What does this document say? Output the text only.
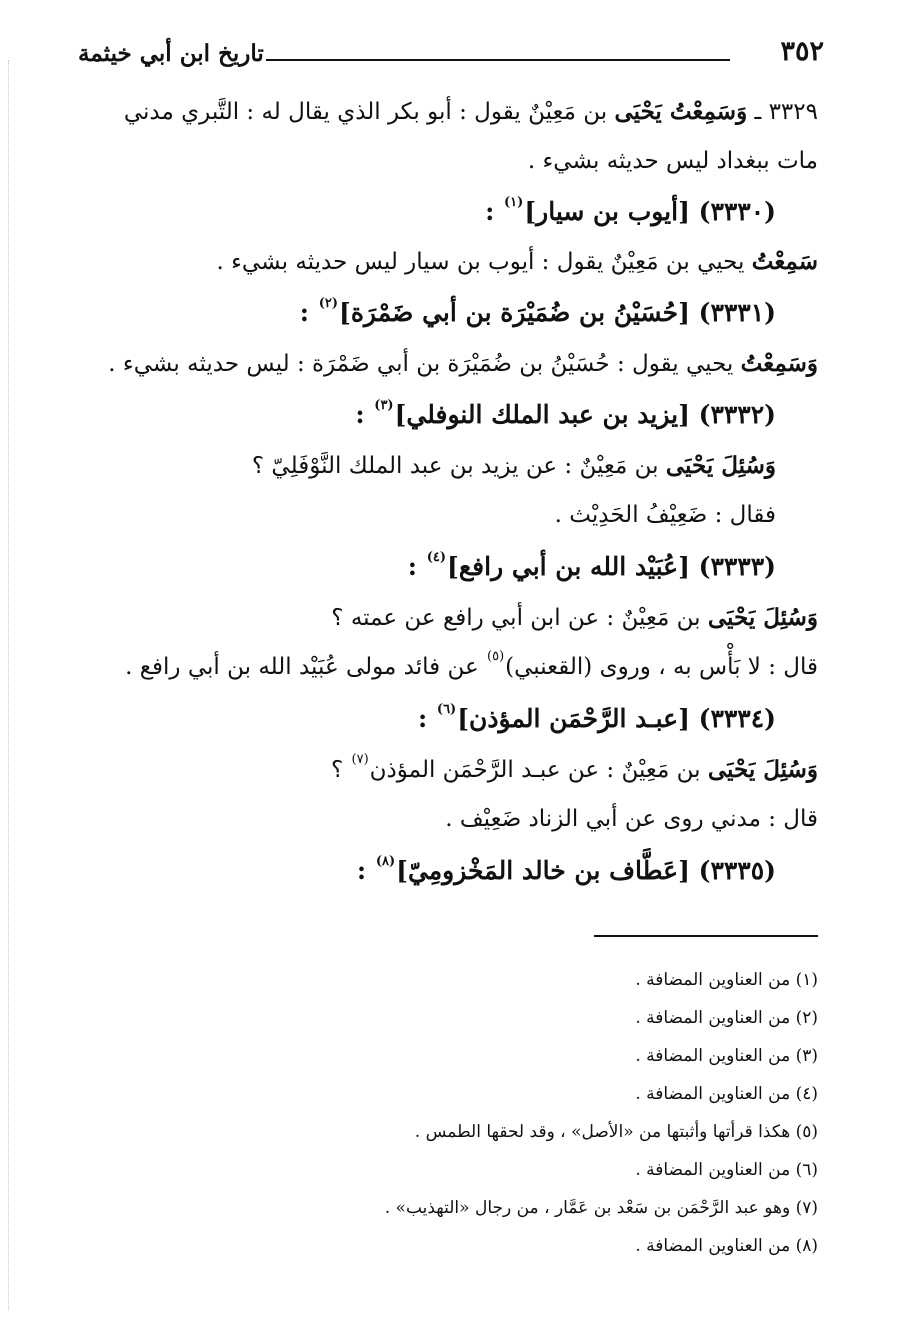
٣٥٢
تاريخ ابن أبي خيثمة
٣٣٢٩ ـ وَسَمِعْتُ يَحْيَى بن مَعِيْنٌ يقول : أبو بكر الذي يقال له : التَّبري مدني
مات ببغداد ليس حديثه بشيء .
(٣٣٣٠) [أيوب بن سيار]$^{(١)}$ :
سَمِعْتُ يحيي بن مَعِيْنٌ يقول : أيوب بن سيار ليس حديثه بشيء .
(٣٣٣١) [حُسَيْنُ بن ضُمَيْرَة بن أبي ضَمْرَة]$^{(٢)}$ :
وَسَمِعْتُ يحيي يقول : حُسَيْنُ بن ضُمَيْرَة بن أبي ضَمْرَة : ليس حديثه بشيء .
(٣٣٣٢) [يزيد بن عبد الملك النوفلي]$^{(٣)}$ :
وَسُئِلَ يَحْيَى بن مَعِيْنٌ : عن يزيد بن عبد الملك النَّوْفَلِيّ ؟
فقال : ضَعِيْفُ الحَدِيْث .
(٣٣٣٣) [عُبَيْد الله بن أبي رافع]$^{(٤)}$ :
وَسُئِلَ يَحْيَى بن مَعِيْنٌ : عن ابن أبي رافع عن عمته ؟
قال : لا بَأْس به ، وروى (القعنبي)$^{(٥)}$ عن فائد مولى عُبَيْد الله بن أبي رافع .
(٣٣٣٤) [عبـد الرَّحْمَن المؤذن]$^{(٦)}$ :
وَسُئِلَ يَحْيَى بن مَعِيْنٌ : عن عبـد الرَّحْمَن المؤذن$^{(٧)}$ ؟
قال : مدني روى عن أبي الزناد ضَعِيْف .
(٣٣٣٥) [عَطَّاف بن خالد المَخْزومِيّ]$^{(٨)}$ :
(١) من العناوين المضافة .
(٢) من العناوين المضافة .
(٣) من العناوين المضافة .
(٤) من العناوين المضافة .
(٥) هكذا قرأتها وأثبتها من «الأصل» ، وقد لحقها الطمس .
(٦) من العناوين المضافة .
(٧) وهو عبد الرَّحْمَن بن سَعْد بن عَمَّار ، من رجال «التهذيب» .
(٨) من العناوين المضافة .
